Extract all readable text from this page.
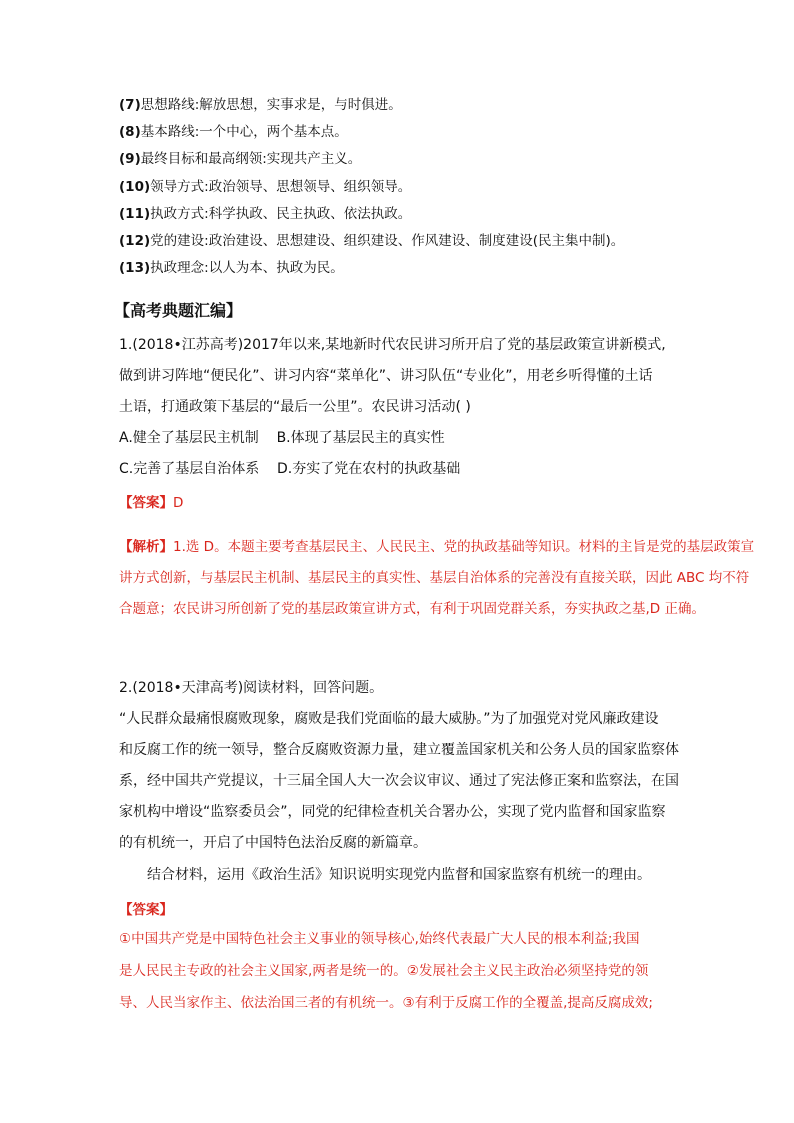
(7)思想路线:解放思想，实事求是，与时俱进。
(8)基本路线:一个中心，两个基本点。
(9)最终目标和最高纲领:实现共产主义。
(10)领导方式:政治领导、思想领导、组织领导。
(11)执政方式:科学执政、民主执政、依法执政。
(12)党的建设:政治建设、思想建设、组织建设、作风建设、制度建设(民主集中制)。
(13)执政理念:以人为本、执政为民。
【高考典题汇编】
1.(2018•江苏高考)2017年以来,某地新时代农民讲习所开启了党的基层政策宣讲新模式,
做到讲习阵地“便民化”、讲习内容“菜单化”、讲习队伍“专业化”，用老乡听得懂的土话
土语，打通政策下基层的“最后一公里”。农民讲习活动( )
A.健全了基层民主机制    B.体现了基层民主的真实性
C.完善了基层自治体系    D.夯实了党在农村的执政基础
【答案】D
【解析】1.选 D。本题主要考查基层民主、人民民主、党的执政基础等知识。材料的主旨是党的基层政策宣
讲方式创新，与基层民主机制、基层民主的真实性、基层自治体系的完善没有直接关联，因此 ABC 均不符
合题意；农民讲习所创新了党的基层政策宣讲方式，有利于巩固党群关系，夯实执政之基,D 正确。
2.(2018•天津高考)阅读材料，回答问题。
“人民群众最痛恨腐败现象，腐败是我们党面临的最大威胁。”为了加强党对党风廉政建设
和反腐工作的统一领导，整合反腐败资源力量，建立覆盖国家机关和公务人员的国家监察体
系，经中国共产党提议，十三届全国人大一次会议审议、通过了宪法修正案和监察法，在国
家机构中增设“监察委员会”，同党的纪律检查机关合署办公，实现了党内监督和国家监察
的有机统一，开启了中国特色法治反腐的新篇章。
结合材料，运用《政治生活》知识说明实现党内监督和国家监察有机统一的理由。
【答案】
①中国共产党是中国特色社会主义事业的领导核心,始终代表最广大人民的根本利益;我国
是人民民主专政的社会主义国家,两者是统一的。②发展社会主义民主政治必须坚持党的领
导、人民当家作主、依法治国三者的有机统一。③有利于反腐工作的全覆盖,提高反腐成效;
